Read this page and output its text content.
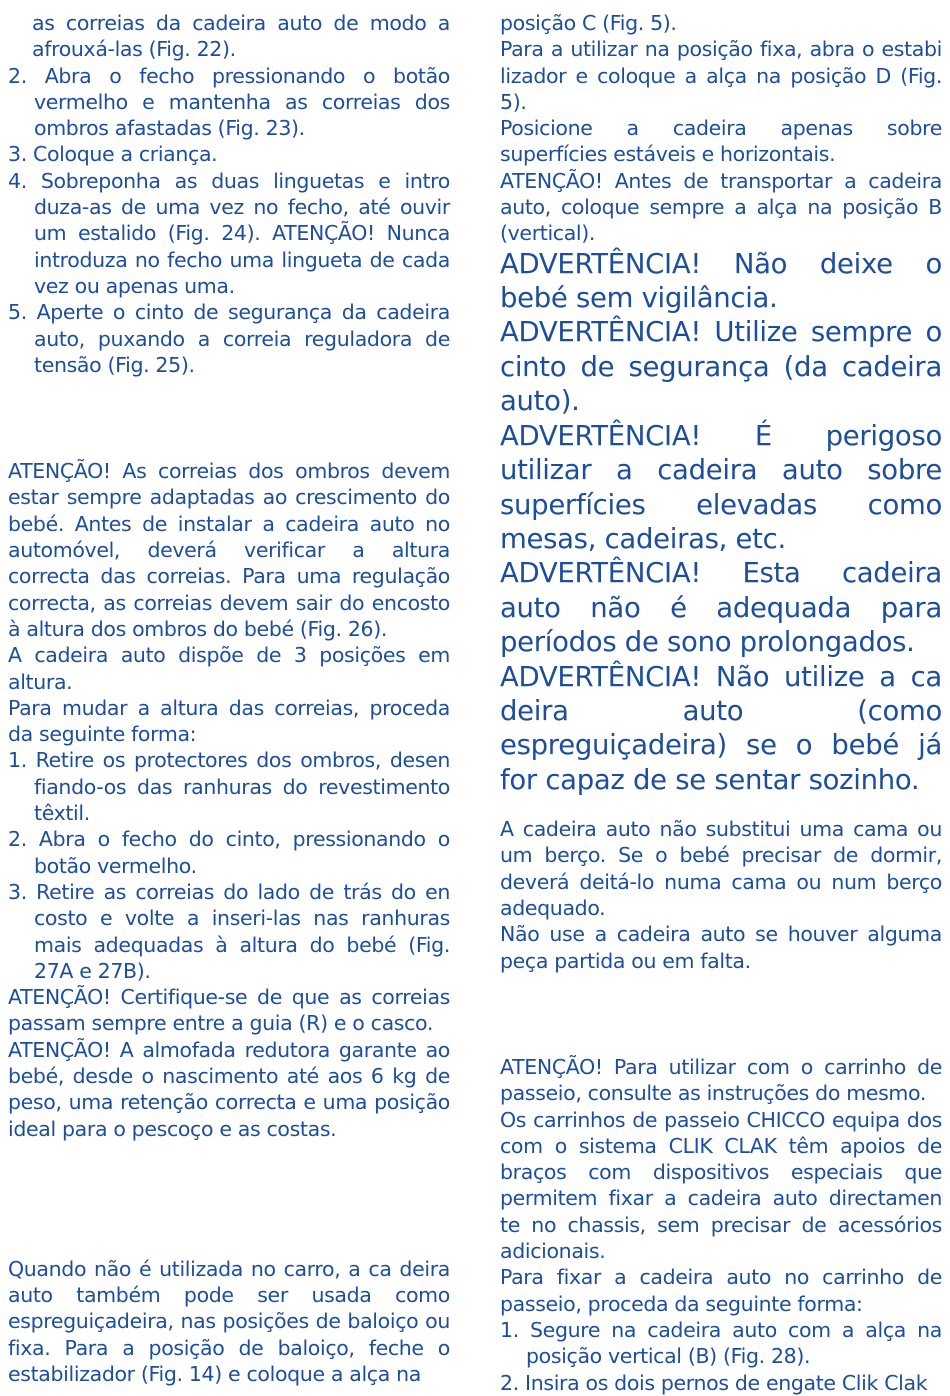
as correias da cadeira auto de modo a afrouxá-las (Fig. 22).

2. Abra o fecho pressionando o botão vermelho e mantenha as correias dos ombros afastadas (Fig. 23).

3. Coloque a criança.

4. Sobreponha as duas linguetas e intro duza-as de uma vez no fecho, até ouvir um estalido (Fig. 24). ATENÇÃO! Nunca introduza no fecho uma lingueta de cada vez ou apenas uma.

5. Aperte o cinto de segurança da cadeira auto, puxando a correia reguladora de tensão (Fig. 25).

ATENÇÃO! As correias dos ombros devem estar sempre adaptadas ao crescimento do bebé. Antes de instalar a cadeira auto no automóvel, deverá verificar a altura correcta das correias. Para uma regulação correcta, as correias devem sair do encosto à altura dos ombros do bebé (Fig. 26).

A cadeira auto dispõe de 3 posições em altura.

Para mudar a altura das correias, proceda da seguinte forma:

1. Retire os protectores dos ombros, desen fiando-os das ranhuras do revestimento têxtil.

2. Abra o fecho do cinto, pressionando o botão vermelho.

3. Retire as correias do lado de trás do en costo e volte a inseri-las nas ranhuras mais adequadas à altura do bebé (Fig. 27A e 27B).

ATENÇÃO! Certifique-se de que as correias passam sempre entre a guia (R) e o casco.

ATENÇÃO! A almofada redutora garante ao bebé, desde o nascimento até aos 6 kg de peso, uma retenção correcta e uma posição ideal para o pescoço e as costas.

Quando não é utilizada no carro, a ca deira auto também pode ser usada como espreguiçadeira, nas posições de baloiço ou fixa. Para a posição de baloiço, feche o estabilizador (Fig. 14) e coloque a alça na

posição C (Fig. 5).

Para a utilizar na posição fixa, abra o estabi lizador e coloque a alça na posição D (Fig. 5).

Posicione a cadeira apenas sobre superfícies estáveis e horizontais.

ATENÇÃO! Antes de transportar a cadeira auto, coloque sempre a alça na posição B (vertical).

ADVERTÊNCIA! Não deixe o bebé sem vigilância.

ADVERTÊNCIA! Utilize sempre o cinto de segurança (da cadeira auto).

ADVERTÊNCIA! É perigoso utilizar a cadeira auto sobre superfícies elevadas como mesas, cadeiras, etc.

ADVERTÊNCIA! Esta cadeira auto não é adequada para períodos de sono prolongados.

ADVERTÊNCIA! Não utilize a ca deira auto (como espreguiçadeira) se o bebé já for capaz de se sentar sozinho.

A cadeira auto não substitui uma cama ou um berço. Se o bebé precisar de dormir, deverá deitá-lo numa cama ou num berço adequado.

Não use a cadeira auto se houver alguma peça partida ou em falta.

ATENÇÃO! Para utilizar com o carrinho de passeio, consulte as instruções do mesmo.

Os carrinhos de passeio CHICCO equipa dos com o sistema CLIK CLAK têm apoios de braços com dispositivos especiais que permitem fixar a cadeira auto directamen te no chassis, sem precisar de acessórios adicionais.

Para fixar a cadeira auto no carrinho de passeio, proceda da seguinte forma:

1. Segure na cadeira auto com a alça na posição vertical (B) (Fig. 28).

2. Insira os dois pernos de engate Clik Clak
